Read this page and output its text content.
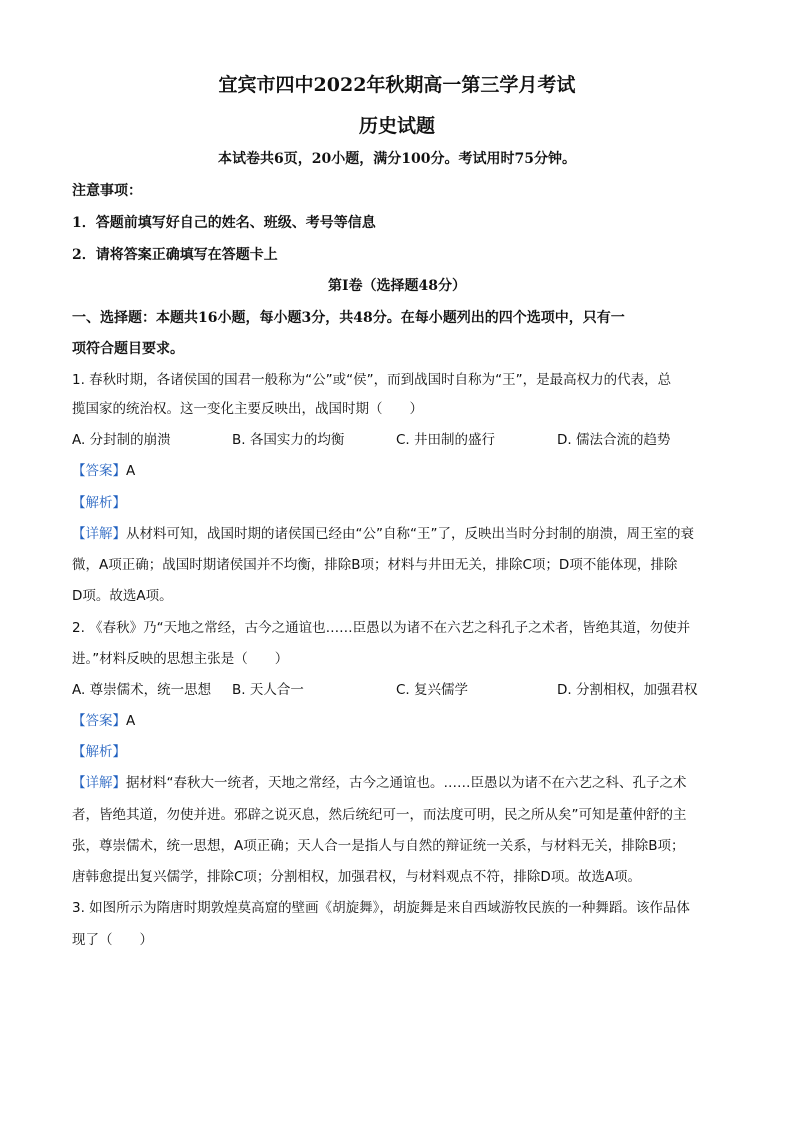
宜宾市四中2022年秋期高一第三学月考试
历史试题
本试卷共6页，20小题，满分100分。考试用时75分钟。
注意事项：
1．答题前填写好自己的姓名、班级、考号等信息
2．请将答案正确填写在答题卡上
第I卷（选择题48分）
一、选择题：本题共16小题，每小题3分，共48分。在每小题列出的四个选项中，只有一
项符合题目要求。
1. 春秋时期，各诸侯国的国君一般称为“公”或“侯”，而到战国时自称为“王”，是最高权力的代表，总
揽国家的统治权。这一变化主要反映出，战国时期（　　）
A. 分封制的崩溃	B. 各国实力的均衡	C. 井田制的盛行	D. 儒法合流的趋势
【答案】A
【解析】
【详解】从材料可知，战国时期的诸侯国已经由“公”自称“王”了，反映出当时分封制的崩溃，周王室的衰
微，A项正确；战国时期诸侯国并不均衡，排除B项；材料与井田无关，排除C项；D项不能体现，排除
D项。故选A项。
2. 《春秋》乃“天地之常经，古今之通谊也……臣愚以为诸不在六艺之科孔子之术者，皆绝其道，勿使并
进。”材料反映的思想主张是（　　）
A. 尊崇儒术，统一思想 B. 天人合一	C. 复兴儒学	D. 分割相权，加强君权
【答案】A
【解析】
【详解】据材料“春秋大一统者，天地之常经，古今之通谊也。……臣愚以为诸不在六艺之科、孔子之术
者，皆绝其道，勿使并进。邪辟之说灭息，然后统纪可一，而法度可明，民之所从矣”可知是董仲舒的主
张，尊崇儒术，统一思想，A项正确；天人合一是指人与自然的辩证统一关系，与材料无关，排除B项；
唐韩愈提出复兴儒学，排除C项；分割相权，加强君权，与材料观点不符，排除D项。故选A项。
3. 如图所示为隋唐时期敦煌莫高窟的壁画《胡旋舞》，胡旋舞是来自西域游牧民族的一种舞蹈。该作品体
现了（　　）
